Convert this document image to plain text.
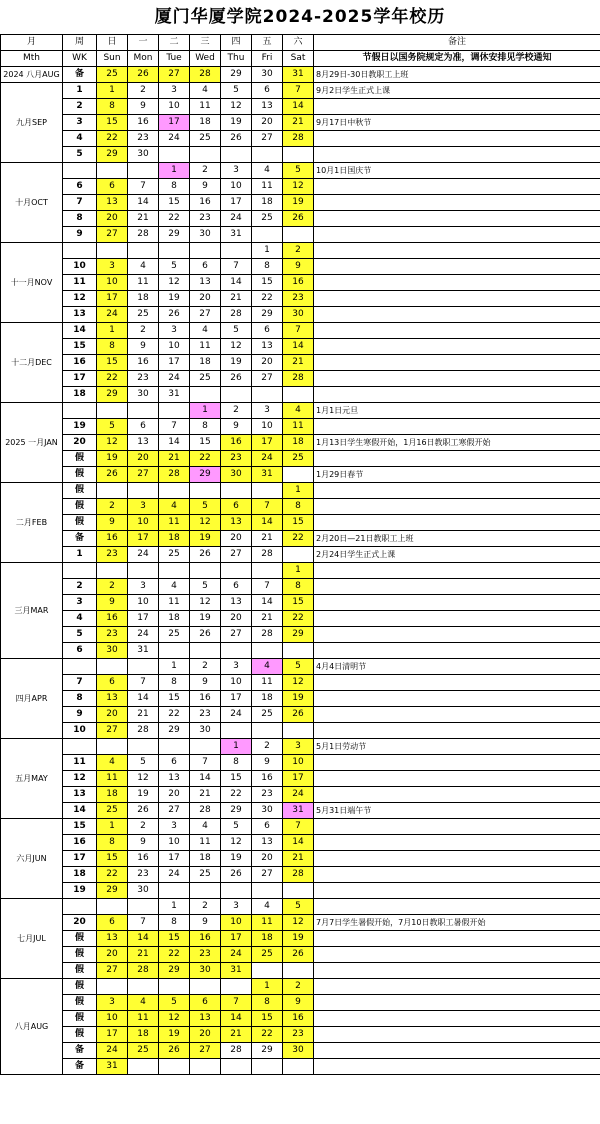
厦门华厦学院2024-2025学年校历
月	周	日	一	二	三	四	五	六	备注
Mth	WK	Sun	Mon	Tue	Wed	Thu	Fri	Sat	节假日以国务院规定为准，调休安排见学校通知
2024 八月AUG	备	25	26	27	28	29	30	31	8月29日-30日教职工上班
九月SEP	1	1	2	3	4	5	6	7	9月2日学生正式上课
	2	8	9	10	11	12	13	14	
	3	15	16	17	18	19	20	21	9月17日中秋节
	4	22	23	24	25	26	27	28	
	5	29	30						
十月OCT				1	2	3	4	5	10月1日国庆节
	6	6	7	8	9	10	11	12	
	7	13	14	15	16	17	18	19	
	8	20	21	22	23	24	25	26	
	9	27	28	29	30	31			
十一月NOV							1	2	
	10	3	4	5	6	7	8	9	
	11	10	11	12	13	14	15	16	
	12	17	18	19	20	21	22	23	
	13	24	25	26	27	28	29	30	
十二月DEC	14	1	2	3	4	5	6	7	
	15	8	9	10	11	12	13	14	
	16	15	16	17	18	19	20	21	
	17	22	23	24	25	26	27	28	
	18	29	30	31					
2025 一月JAN					1	2	3	4	1月1日元旦
	19	5	6	7	8	9	10	11	
	20	12	13	14	15	16	17	18	1月13日学生寒假开始，1月16日教职工寒假开始
	假	19	20	21	22	23	24	25	
	假	26	27	28	29	30	31		1月29日春节
二月FEB	假							1	
	假	2	3	4	5	6	7	8	
	假	9	10	11	12	13	14	15	
	备	16	17	18	19	20	21	22	2月20日—21日教职工上班
	1	23	24	25	26	27	28		2月24日学生正式上课
三月MAR								1	
	2	2	3	4	5	6	7	8	
	3	9	10	11	12	13	14	15	
	4	16	17	18	19	20	21	22	
	5	23	24	25	26	27	28	29	
	6	30	31						
四月APR				1	2	3	4	5	4月4日清明节
	7	6	7	8	9	10	11	12	
	8	13	14	15	16	17	18	19	
	9	20	21	22	23	24	25	26	
	10	27	28	29	30				
五月MAY						1	2	3	5月1日劳动节
	11	4	5	6	7	8	9	10	
	12	11	12	13	14	15	16	17	
	13	18	19	20	21	22	23	24	
	14	25	26	27	28	29	30	31	5月31日端午节
六月JUN	15	1	2	3	4	5	6	7	
	16	8	9	10	11	12	13	14	
	17	15	16	17	18	19	20	21	
	18	22	23	24	25	26	27	28	
	19	29	30						
七月JUL				1	2	3	4	5	
	20	6	7	8	9	10	11	12	7月7日学生暑假开始，7月10日教职工暑假开始
	假	13	14	15	16	17	18	19	
	假	20	21	22	23	24	25	26	
	假	27	28	29	30	31			
八月AUG	假						1	2	
	假	3	4	5	6	7	8	9	
	假	10	11	12	13	14	15	16	
	假	17	18	19	20	21	22	23	
	备	24	25	26	27	28	29	30	
	备	31							
